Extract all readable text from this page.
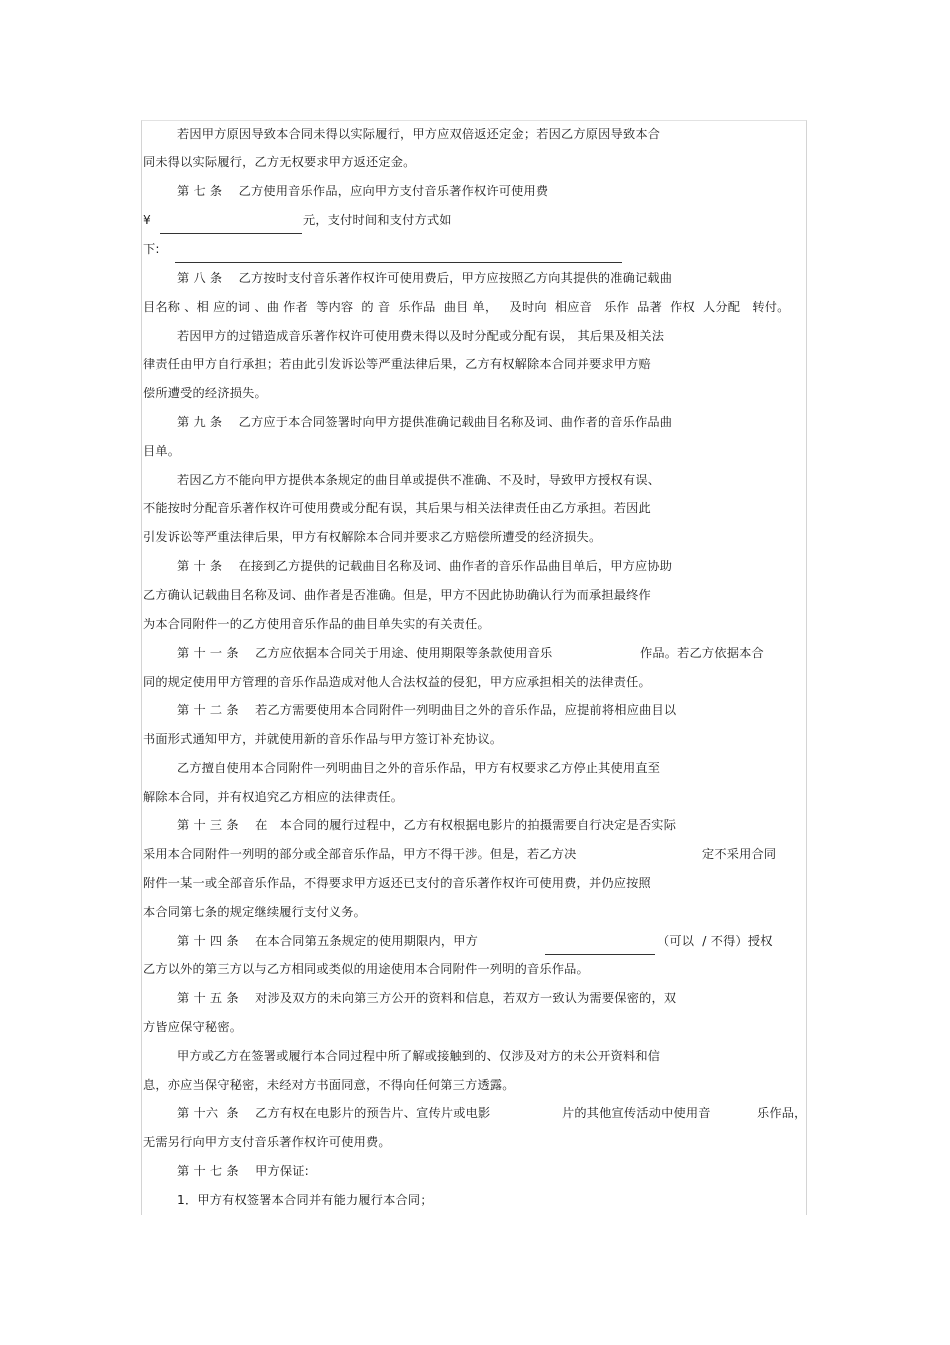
若因甲方原因导致本合同未得以实际履行，甲方应双倍返还定金；若因乙方原因导致本合
同未得以实际履行，乙方无权要求甲方返还定金。
第 七 条    乙方使用音乐作品，应向甲方支付音乐著作权许可使用费
¥	元，支付时间和支付方式如
下:
第 八 条    乙方按时支付音乐著作权许可使用费后，甲方应按照乙方向其提供的准确记载曲
目名称 、相 应的词 、曲 作者  等内容  的 音  乐作品  曲目 单，   及时向  相应音   乐作  品著  作权  人分配   转付。
若因甲方的过错造成音乐著作权许可使用费未得以及时分配或分配有误， 其后果及相关法
律责任由甲方自行承担；若由此引发诉讼等严重法律后果，乙方有权解除本合同并要求甲方赔
偿所遭受的经济损失。
第 九 条    乙方应于本合同签署时向甲方提供准确记载曲目名称及词、曲作者的音乐作品曲
目单。
若因乙方不能向甲方提供本条规定的曲目单或提供不准确、不及时，导致甲方授权有误、
不能按时分配音乐著作权许可使用费或分配有误，其后果与相关法律责任由乙方承担。若因此
引发诉讼等严重法律后果，甲方有权解除本合同并要求乙方赔偿所遭受的经济损失。
第 十 条    在接到乙方提供的记载曲目名称及词、曲作者的音乐作品曲目单后，甲方应协助
乙方确认记载曲目名称及词、曲作者是否准确。但是，甲方不因此协助确认行为而承担最终作
为本合同附件一的乙方使用音乐作品的曲目单失实的有关责任。
第 十 一 条    乙方应依据本合同关于用途、使用期限等条款使用音乐	作品。若乙方依据本合
同的规定使用甲方管理的音乐作品造成对他人合法权益的侵犯，甲方应承担相关的法律责任。
第 十 二 条    若乙方需要使用本合同附件一列明曲目之外的音乐作品，应提前将相应曲目以
书面形式通知甲方，并就使用新的音乐作品与甲方签订补充协议。
乙方擅自使用本合同附件一列明曲目之外的音乐作品，甲方有权要求乙方停止其使用直至
解除本合同，并有权追究乙方相应的法律责任。
第 十 三 条    在   本合同的履行过程中，乙方有权根据电影片的拍摄需要自行决定是否实际
采用本合同附件一列明的部分或全部音乐作品，甲方不得干涉。但是，若乙方决	定不采用合同
附件一某一或全部音乐作品，不得要求甲方返还已支付的音乐著作权许可使用费，并仍应按照
本合同第七条的规定继续履行支付义务。
第 十 四 条    在本合同第五条规定的使用期限内，甲方	（可以  / 不得）授权
乙方以外的第三方以与乙方相同或类似的用途使用本合同附件一列明的音乐作品。
第 十 五 条    对涉及双方的未向第三方公开的资料和信息，若双方一致认为需要保密的，双
方皆应保守秘密。
甲方或乙方在签署或履行本合同过程中所了解或接触到的、仅涉及对方的未公开资料和信
息，亦应当保守秘密，未经对方书面同意，不得向任何第三方透露。
第 十六  条    乙方有权在电影片的预告片、宣传片或电影	片的其他宣传活动中使用音	乐作品，
无需另行向甲方支付音乐著作权许可使用费。
第 十 七 条    甲方保证:
1．甲方有权签署本合同并有能力履行本合同；
